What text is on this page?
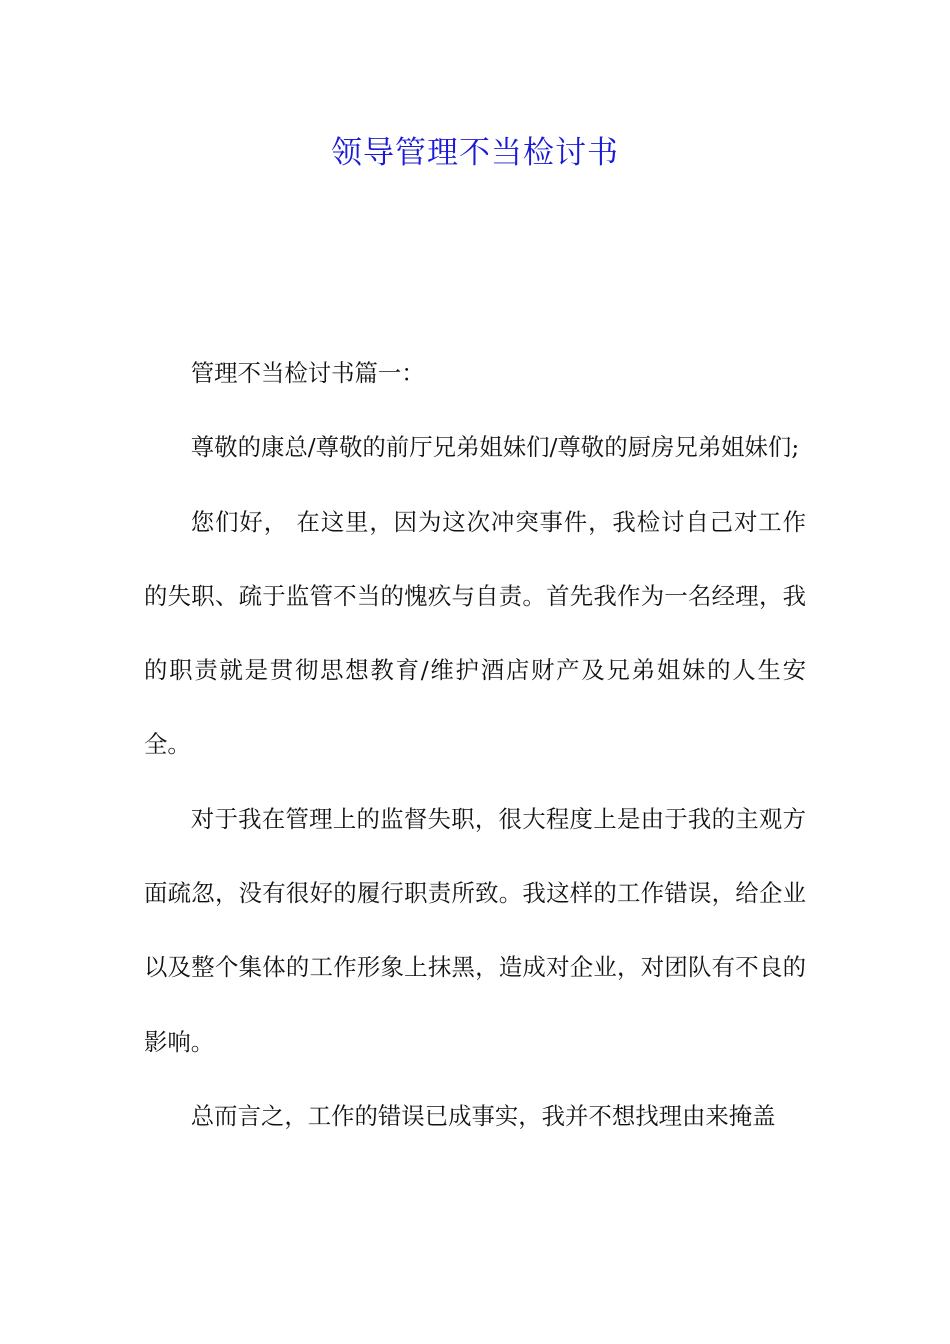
领导管理不当检讨书

管理不当检讨书篇一：

尊敬的康总/尊敬的前厅兄弟姐妹们/尊敬的厨房兄弟姐妹们;

您们好， 在这里，因为这次冲突事件，我检讨自己对工作的失职、疏于监管不当的愧疚与自责。首先我作为一名经理，我的职责就是贯彻思想教育/维护酒店财产及兄弟姐妹的人生安全。

对于我在管理上的监督失职，很大程度上是由于我的主观方面疏忽，没有很好的履行职责所致。我这样的工作错误，给企业以及整个集体的工作形象上抹黑，造成对企业，对团队有不良的影响。

总而言之，工作的错误已成事实，我并不想找理由来掩盖
